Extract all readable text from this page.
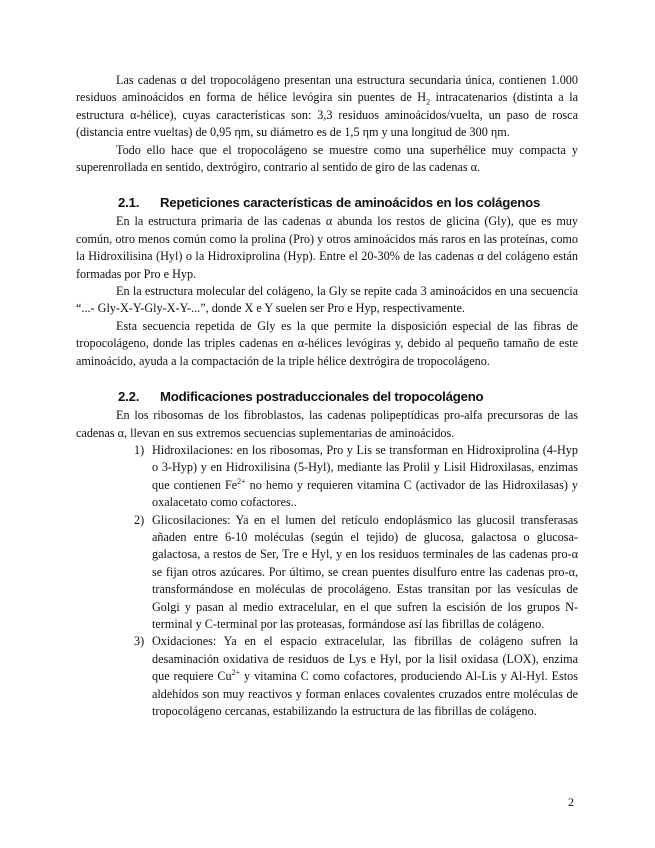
Las cadenas α del tropocolágeno presentan una estructura secundaria única, contienen 1.000 residuos aminoácidos en forma de hélice levógira sin puentes de $H_2$ intracatenarios (distinta a la estructura α-hélice), cuyas características son: 3,3 residuos aminoácidos/vuelta, un paso de rosca (distancia entre vueltas) de 0,95 ηm, su diámetro es de 1,5 ηm y una longitud de 300 ηm.

Todo ello hace que el tropocolágeno se muestre como una superhélice muy compacta y superenrollada en sentido, dextrógiro, contrario al sentido de giro de las cadenas α.

2.1. Repeticiones características de aminoácidos en los colágenos

En la estructura primaria de las cadenas α abunda los restos de glicina (Gly), que es muy común, otro menos común como la prolina (Pro) y otros aminoácidos más raros en las proteínas, como la Hidroxilisina (Hyl) o la Hidroxiprolina (Hyp). Entre el 20-30% de las cadenas α del colágeno están formadas por Pro e Hyp.

En la estructura molecular del colágeno, la Gly se repite cada 3 aminoácidos en una secuencia “...- Gly-X-Y-Gly-X-Y-...”, donde X e Y suelen ser Pro e Hyp, respectivamente.

Esta secuencia repetida de Gly es la que permite la disposición especial de las fibras de tropocolágeno, donde las triples cadenas en α-hélices levógiras y, debido al pequeño tamaño de este aminoácido, ayuda a la compactación de la triple hélice dextrógira de tropocolágeno.

2.2. Modificaciones postraduccionales del tropocolágeno

En los ribosomas de los fibroblastos, las cadenas polipeptídicas pro-alfa precursoras de las cadenas α, llevan en sus extremos secuencias suplementarias de aminoácidos.

1) Hidroxilaciones: en los ribosomas, Pro y Lis se transforman en Hidroxiprolina (4-Hyp o 3-Hyp) y en Hidroxilisina (5-Hyl), mediante las Prolil y Lisil Hidroxilasas, enzimas que contienen $Fe^{2+}$ no hemo y requieren vitamina C (activador de las Hidroxilasas) y oxalacetato como cofactores..
2) Glicosilaciones: Ya en el lumen del retículo endoplásmico las glucosil transferasas añaden entre 6-10 moléculas (según el tejido) de glucosa, galactosa o glucosa-galactosa, a restos de Ser, Tre e Hyl, y en los residuos terminales de las cadenas pro-α se fijan otros azúcares. Por último, se crean puentes disulfuro entre las cadenas pro-α, transformándose en moléculas de procolágeno. Estas transitan por las vesículas de Golgi y pasan al medio extracelular, en el que sufren la escisión de los grupos N-terminal y C-terminal por las proteasas, formándose así las fibrillas de colágeno.
3) Oxidaciones: Ya en el espacio extracelular, las fibrillas de colágeno sufren la desaminación oxidativa de residuos de Lys e Hyl, por la lisil oxidasa (LOX), enzima que requiere $Cu^{2+}$ y vitamina C como cofactores, produciendo Al-Lis y Al-Hyl. Estos aldehídos son muy reactivos y forman enlaces covalentes cruzados entre moléculas de tropocolágeno cercanas, estabilizando la estructura de las fibrillas de colágeno.
2
